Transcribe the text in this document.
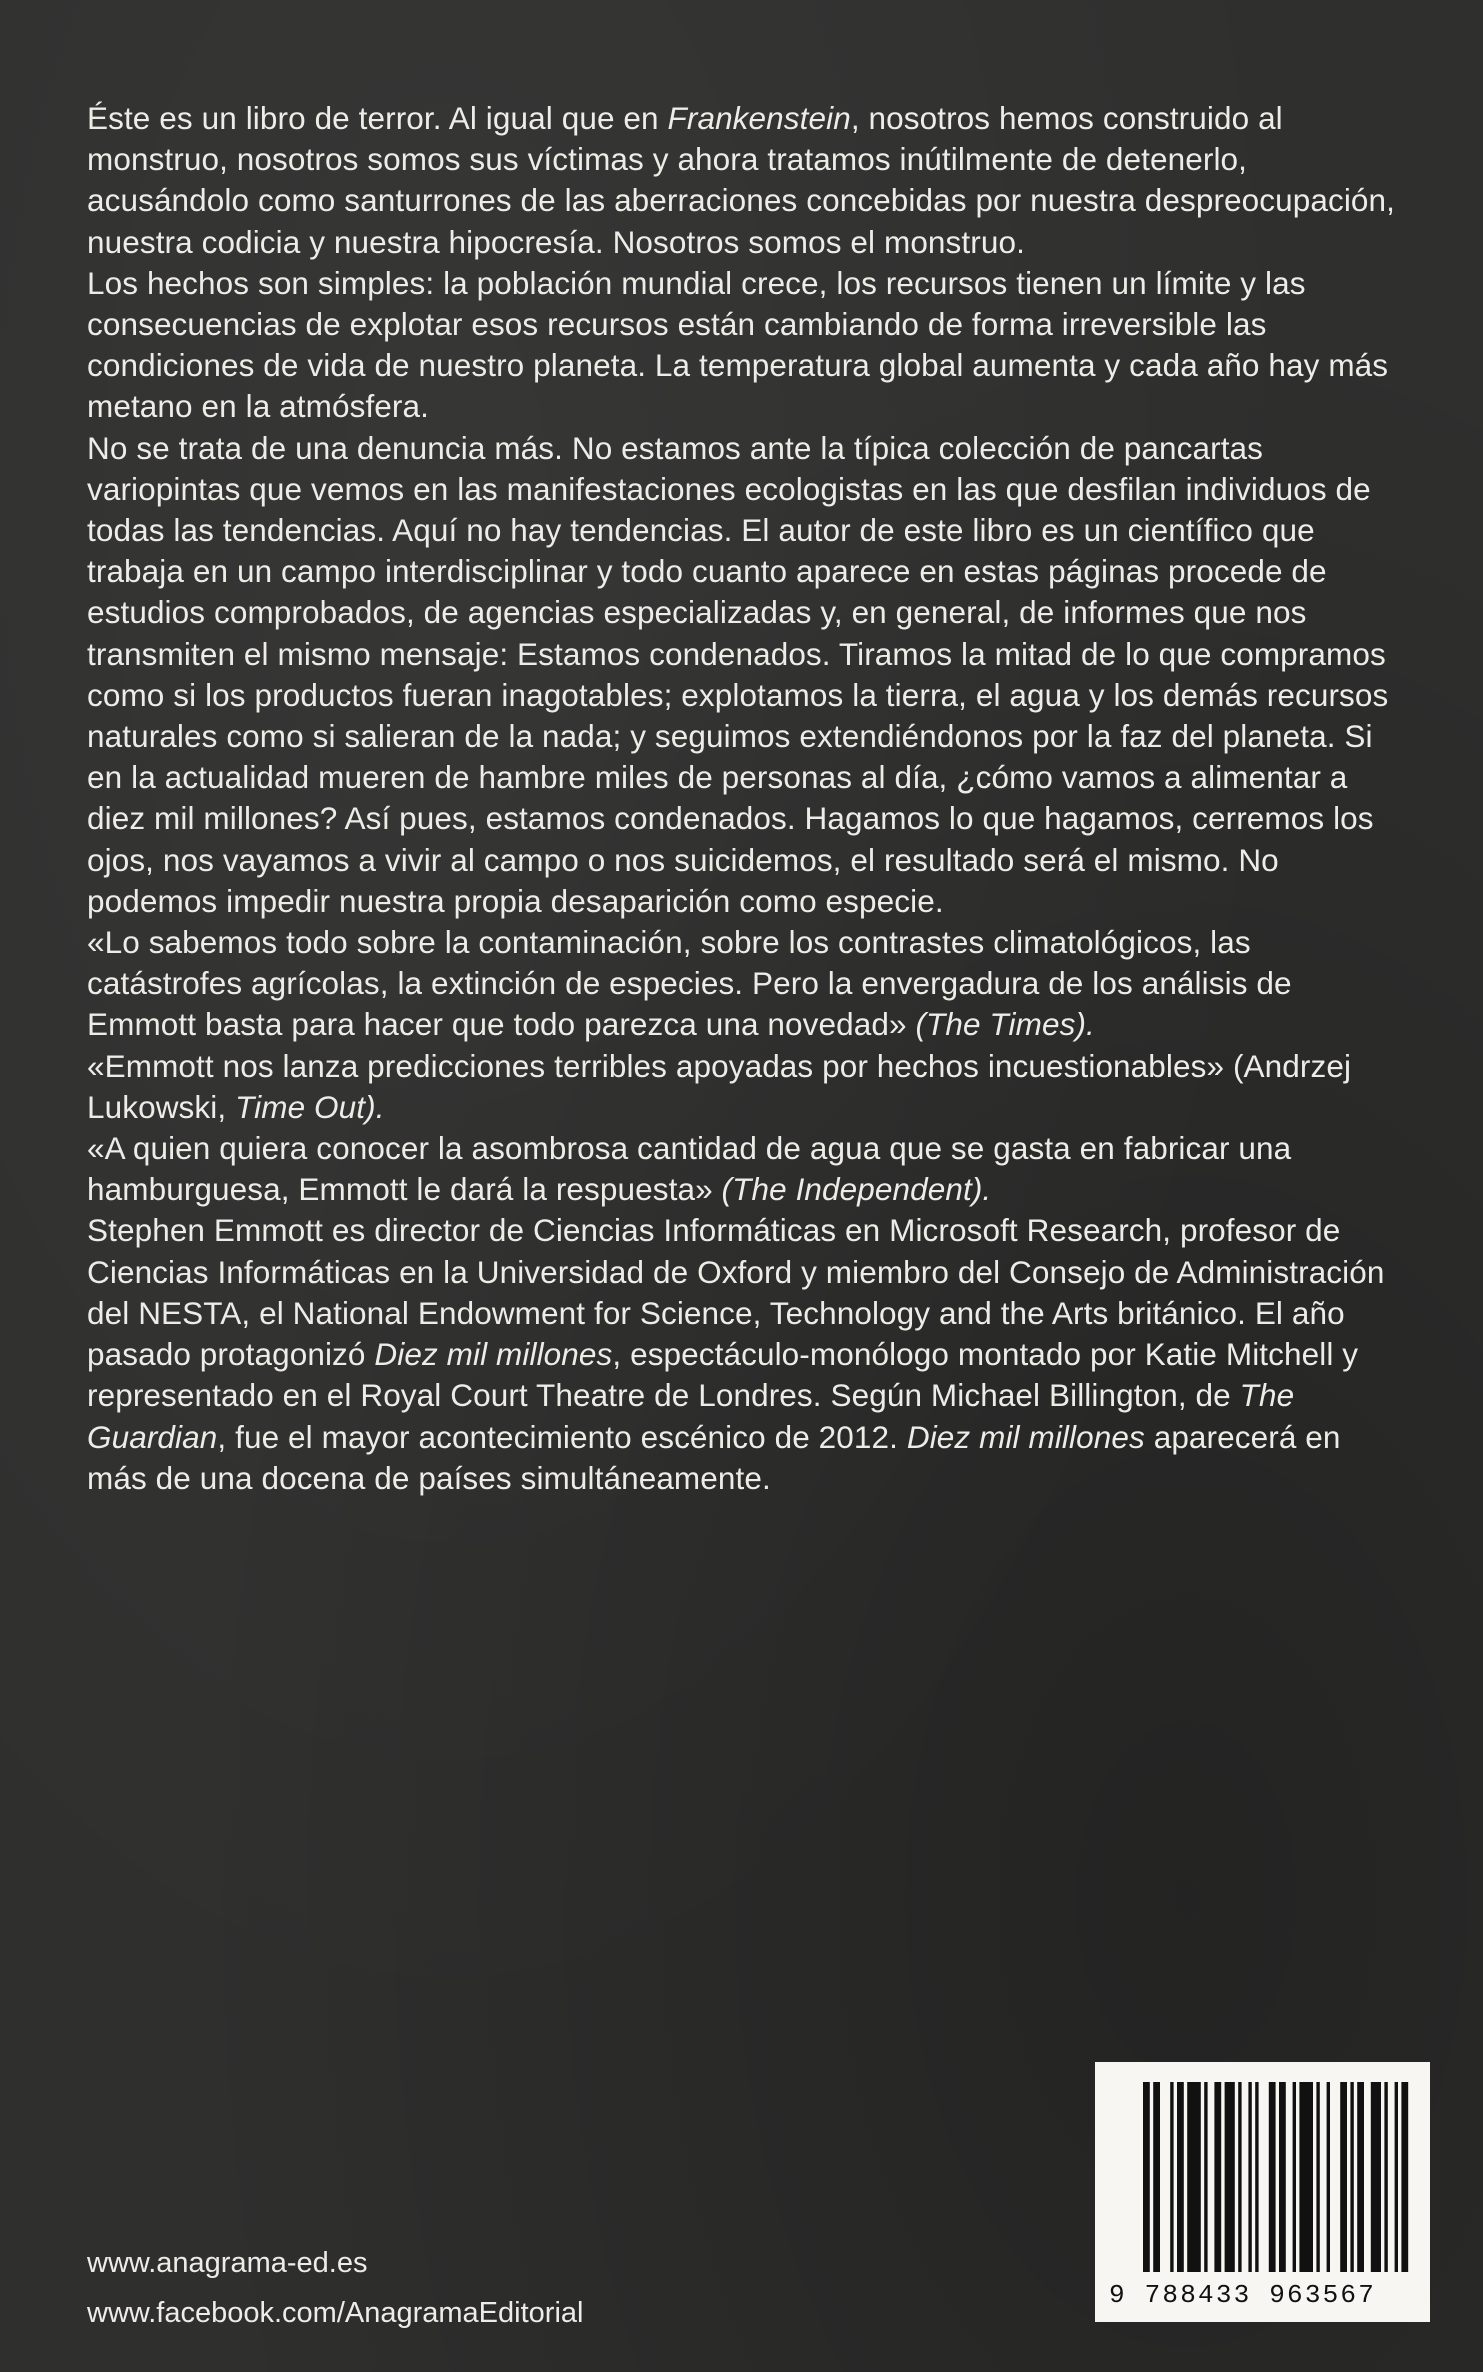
Éste es un libro de terror. Al igual que en Frankenstein, nosotros hemos construido al monstruo, nosotros somos sus víctimas y ahora tratamos inútilmente de detenerlo, acusándolo como santurrones de las aberraciones concebidas por nuestra despreocupación, nuestra codicia y nuestra hipocresía. Nosotros somos el monstruo.

Los hechos son simples: la población mundial crece, los recursos tienen un límite y las consecuencias de explotar esos recursos están cambiando de forma irreversible las condiciones de vida de nuestro planeta. La temperatura global aumenta y cada año hay más metano en la atmósfera.

No se trata de una denuncia más. No estamos ante la típica colección de pancartas variopintas que vemos en las manifestaciones ecologistas en las que desfilan individuos de todas las tendencias. Aquí no hay tendencias. El autor de este libro es un científico que trabaja en un campo interdisciplinar y todo cuanto aparece en estas páginas procede de estudios comprobados, de agencias especializadas y, en general, de informes que nos transmiten el mismo mensaje: Estamos condenados. Tiramos la mitad de lo que compramos como si los productos fueran inagotables; explotamos la tierra, el agua y los demás recursos naturales como si salieran de la nada; y seguimos extendiéndonos por la faz del planeta. Si en la actualidad mueren de hambre miles de personas al día, ¿cómo vamos a alimentar a diez mil millones? Así pues, estamos condenados. Hagamos lo que hagamos, cerremos los ojos, nos vayamos a vivir al campo o nos suicidemos, el resultado será el mismo. No podemos impedir nuestra propia desaparición como especie.

«Lo sabemos todo sobre la contaminación, sobre los contrastes climatológicos, las catástrofes agrícolas, la extinción de especies. Pero la envergadura de los análisis de Emmott basta para hacer que todo parezca una novedad» (The Times).

«Emmott nos lanza predicciones terribles apoyadas por hechos incuestionables» (Andrzej Lukowski, Time Out).

«A quien quiera conocer la asombrosa cantidad de agua que se gasta en fabricar una hamburguesa, Emmott le dará la respuesta» (The Independent).

Stephen Emmott es director de Ciencias Informáticas en Microsoft Research, profesor de Ciencias Informáticas en la Universidad de Oxford y miembro del Consejo de Administración del NESTA, el National Endowment for Science, Technology and the Arts británico. El año pasado protagonizó Diez mil millones, espectáculo-monólogo montado por Katie Mitchell y representado en el Royal Court Theatre de Londres. Según Michael Billington, de The Guardian, fue el mayor acontecimiento escénico de 2012. Diez mil millones aparecerá en más de una docena de países simultáneamente.

www.anagrama-ed.es
www.facebook.com/AnagramaEditorial
9 788433 963567
